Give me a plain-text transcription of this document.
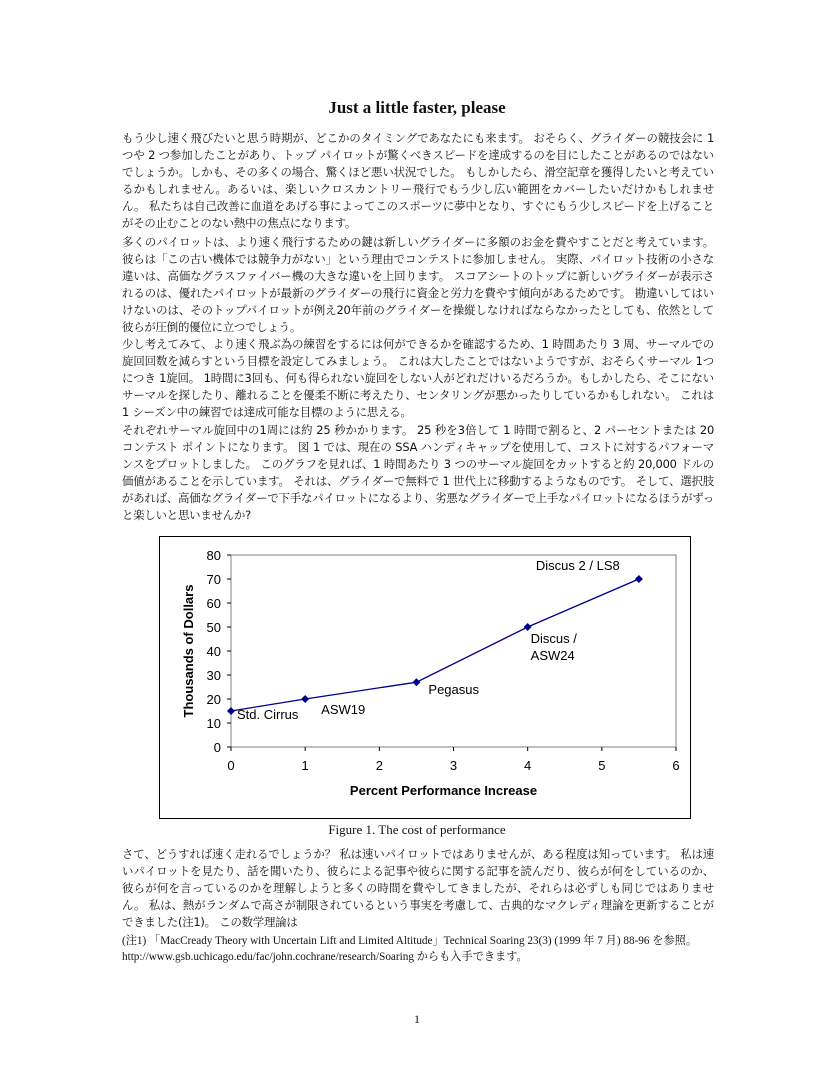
Just a little faster, please
もう少し速く飛びたいと思う時期が、どこかのタイミングであなたにも来ます。 おそらく、グライダーの競技会に 1 つや 2 つ参加したことがあり、トップ パイロットが驚くべきスピードを達成するのを目にしたことがあるのではないでしょうか。しかも、その多くの場合、驚くほど悪い状況でした。 もしかしたら、滑空記章を獲得したいと考えているかもしれません。あるいは、楽しいクロスカントリー飛行でもう少し広い範囲をカバーしたいだけかもしれません。 私たちは自己改善に血道をあげる事によってこのスポーツに夢中となり、すぐにもう少しスピードを上げることがその止むことのない熱中の焦点になります。
多くのパイロットは、より速く飛行するための鍵は新しいグライダーに多額のお金を費やすことだと考えています。 彼らは「この古い機体では競争力がない」という理由でコンテストに参加しません。 実際、パイロット技術の小さな違いは、高価なグラスファイバー機の大きな違いを上回ります。 スコアシートのトップに新しいグライダーが表示されるのは、優れたパイロットが最新のグライダーの飛行に資金と労力を費やす傾向があるためです。 勘違いしてはいけないのは、そのトップパイロットが例え20年前のグライダーを操縦しなければならなかったとしても、依然として彼らが圧倒的優位に立つでしょう。
少し考えてみて、より速く飛ぶ為の練習をするには何ができるかを確認するため、1 時間あたり 3 周、サーマルでの旋回回数を減らすという目標を設定してみましょう。 これは大したことではないようですが、おそらくサーマル 1つにつき 1旋回。 1時間に3回も、何も得られない旋回をしない人がどれだけいるだろうか。もしかしたら、そこにないサーマルを探したり、離れることを優柔不断に考えたり、センタリングが悪かったりしているかもしれない。 これは 1 シーズン中の練習では達成可能な目標のように思える。
それぞれサーマル旋回中の1周には約 25 秒かかります。 25 秒を3倍して 1 時間で割ると、2 パーセントまたは 20 コンテスト ポイントになります。 図 1 では、現在の SSA ハンディキャップを使用して、コストに対するパフォーマンスをプロットしました。 このグラフを見れば、1 時間あたり 3 つのサーマル旋回をカットすると約 20,000 ドルの価値があることを示しています。 それは、グライダーで無料で 1 世代上に移動するようなものです。 そして、選択肢があれば、高価なグライダーで下手なパイロットになるより、劣悪なグライダーで上手なパイロットになるほうがずっと楽しいと思いませんか?
0
10
20
30
40
50
60
70
80
0	1	2	3	4	5	6
Percent Performance Increase
Thousands of Dollars	Std. Cirrus ASW19
Pegasus
Discus / ASW24
Discus 2 / LS8
Figure 1. The cost of performance
さて、どうすれば速く走れるでしょうか？ 私は速いパイロットではありませんが、ある程度は知っています。 私は速いパイロットを見たり、話を聞いたり、彼らによる記事や彼らに関する記事を読んだり、彼らが何をしているのか、彼らが何を言っているのかを理解しようと多くの時間を費やしてきましたが、それらは必ずしも同じではありません。 私は、熱がランダムで高さが制限されているという事実を考慮して、古典的なマクレディ理論を更新することができました(注1)。 この数学理論は
(注1) 「MacCready Theory with Uncertain Lift and Limited Altitude」Technical Soaring 23(3) (1999 年 7 月) 88-96 を参照。http://www.gsb.uchicago.edu/fac/john.cochrane/research/Soaring からも入手できます。
1
